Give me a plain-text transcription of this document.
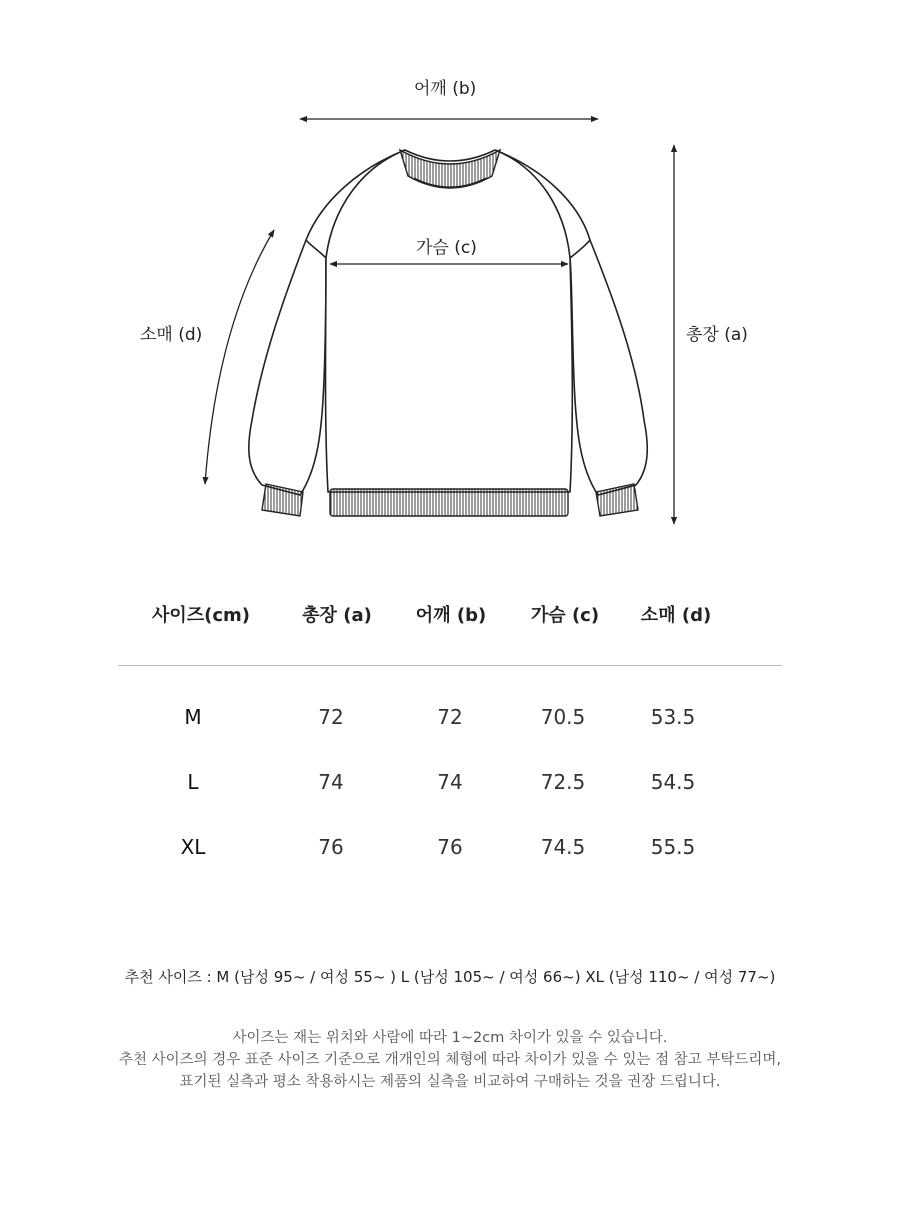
어깨 (b)
가슴 (c)
소매 (d)	총장 (a)
사이즈(cm)	총장 (a) 어깨 (b) 가슴 (c) 소매 (d)
M	72	72	70.5	53.5
L	74	74	72.5	54.5
XL	76	76	74.5	55.5
추천 사이즈 : M (남성 95~ / 여성 55~ ) L (남성 105~ / 여성 66~) XL (남성 110~ / 여성 77~)
사이즈는 재는 위치와 사람에 따라 1~2cm 차이가 있을 수 있습니다.
추천 사이즈의 경우 표준 사이즈 기준으로 개개인의 체형에 따라 차이가 있을 수 있는 점 참고 부탁드리며,
표기된 실측과 평소 착용하시는 제품의 실측을 비교하여 구매하는 것을 권장 드립니다.
